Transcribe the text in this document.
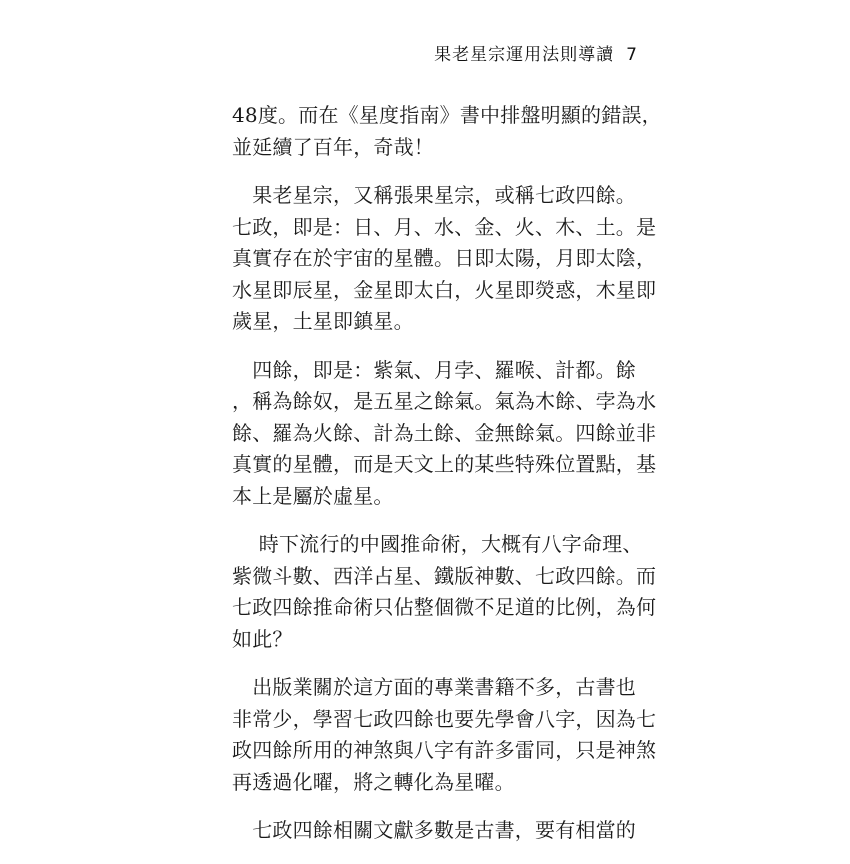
果老星宗運用法則導讀 7
48度。而在《星度指南》書中排盤明顯的錯誤，
並延續了百年，奇哉！
　果老星宗，又稱張果星宗，或稱七政四餘。
七政，即是：日、月、水、金、火、木、土。是
真實存在於宇宙的星體。日即太陽，月即太陰，
水星即辰星，金星即太白，火星即熒惑，木星即
歲星，土星即鎮星。
　四餘，即是：紫氣、月孛、羅喉、計都。餘
，稱為餘奴，是五星之餘氣。氣為木餘、孛為水
餘、羅為火餘、計為土餘、金無餘氣。四餘並非
真實的星體，而是天文上的某些特殊位置點，基
本上是屬於虛星。
　 時下流行的中國推命術，大概有八字命理、
紫微斗數、西洋占星、鐵版神數、七政四餘。而
七政四餘推命術只佔整個微不足道的比例，為何
如此？
　出版業關於這方面的專業書籍不多，古書也
非常少，學習七政四餘也要先學會八字，因為七
政四餘所用的神煞與八字有許多雷同，只是神煞
再透過化曜，將之轉化為星曜。
　七政四餘相關文獻多數是古書，要有相當的
